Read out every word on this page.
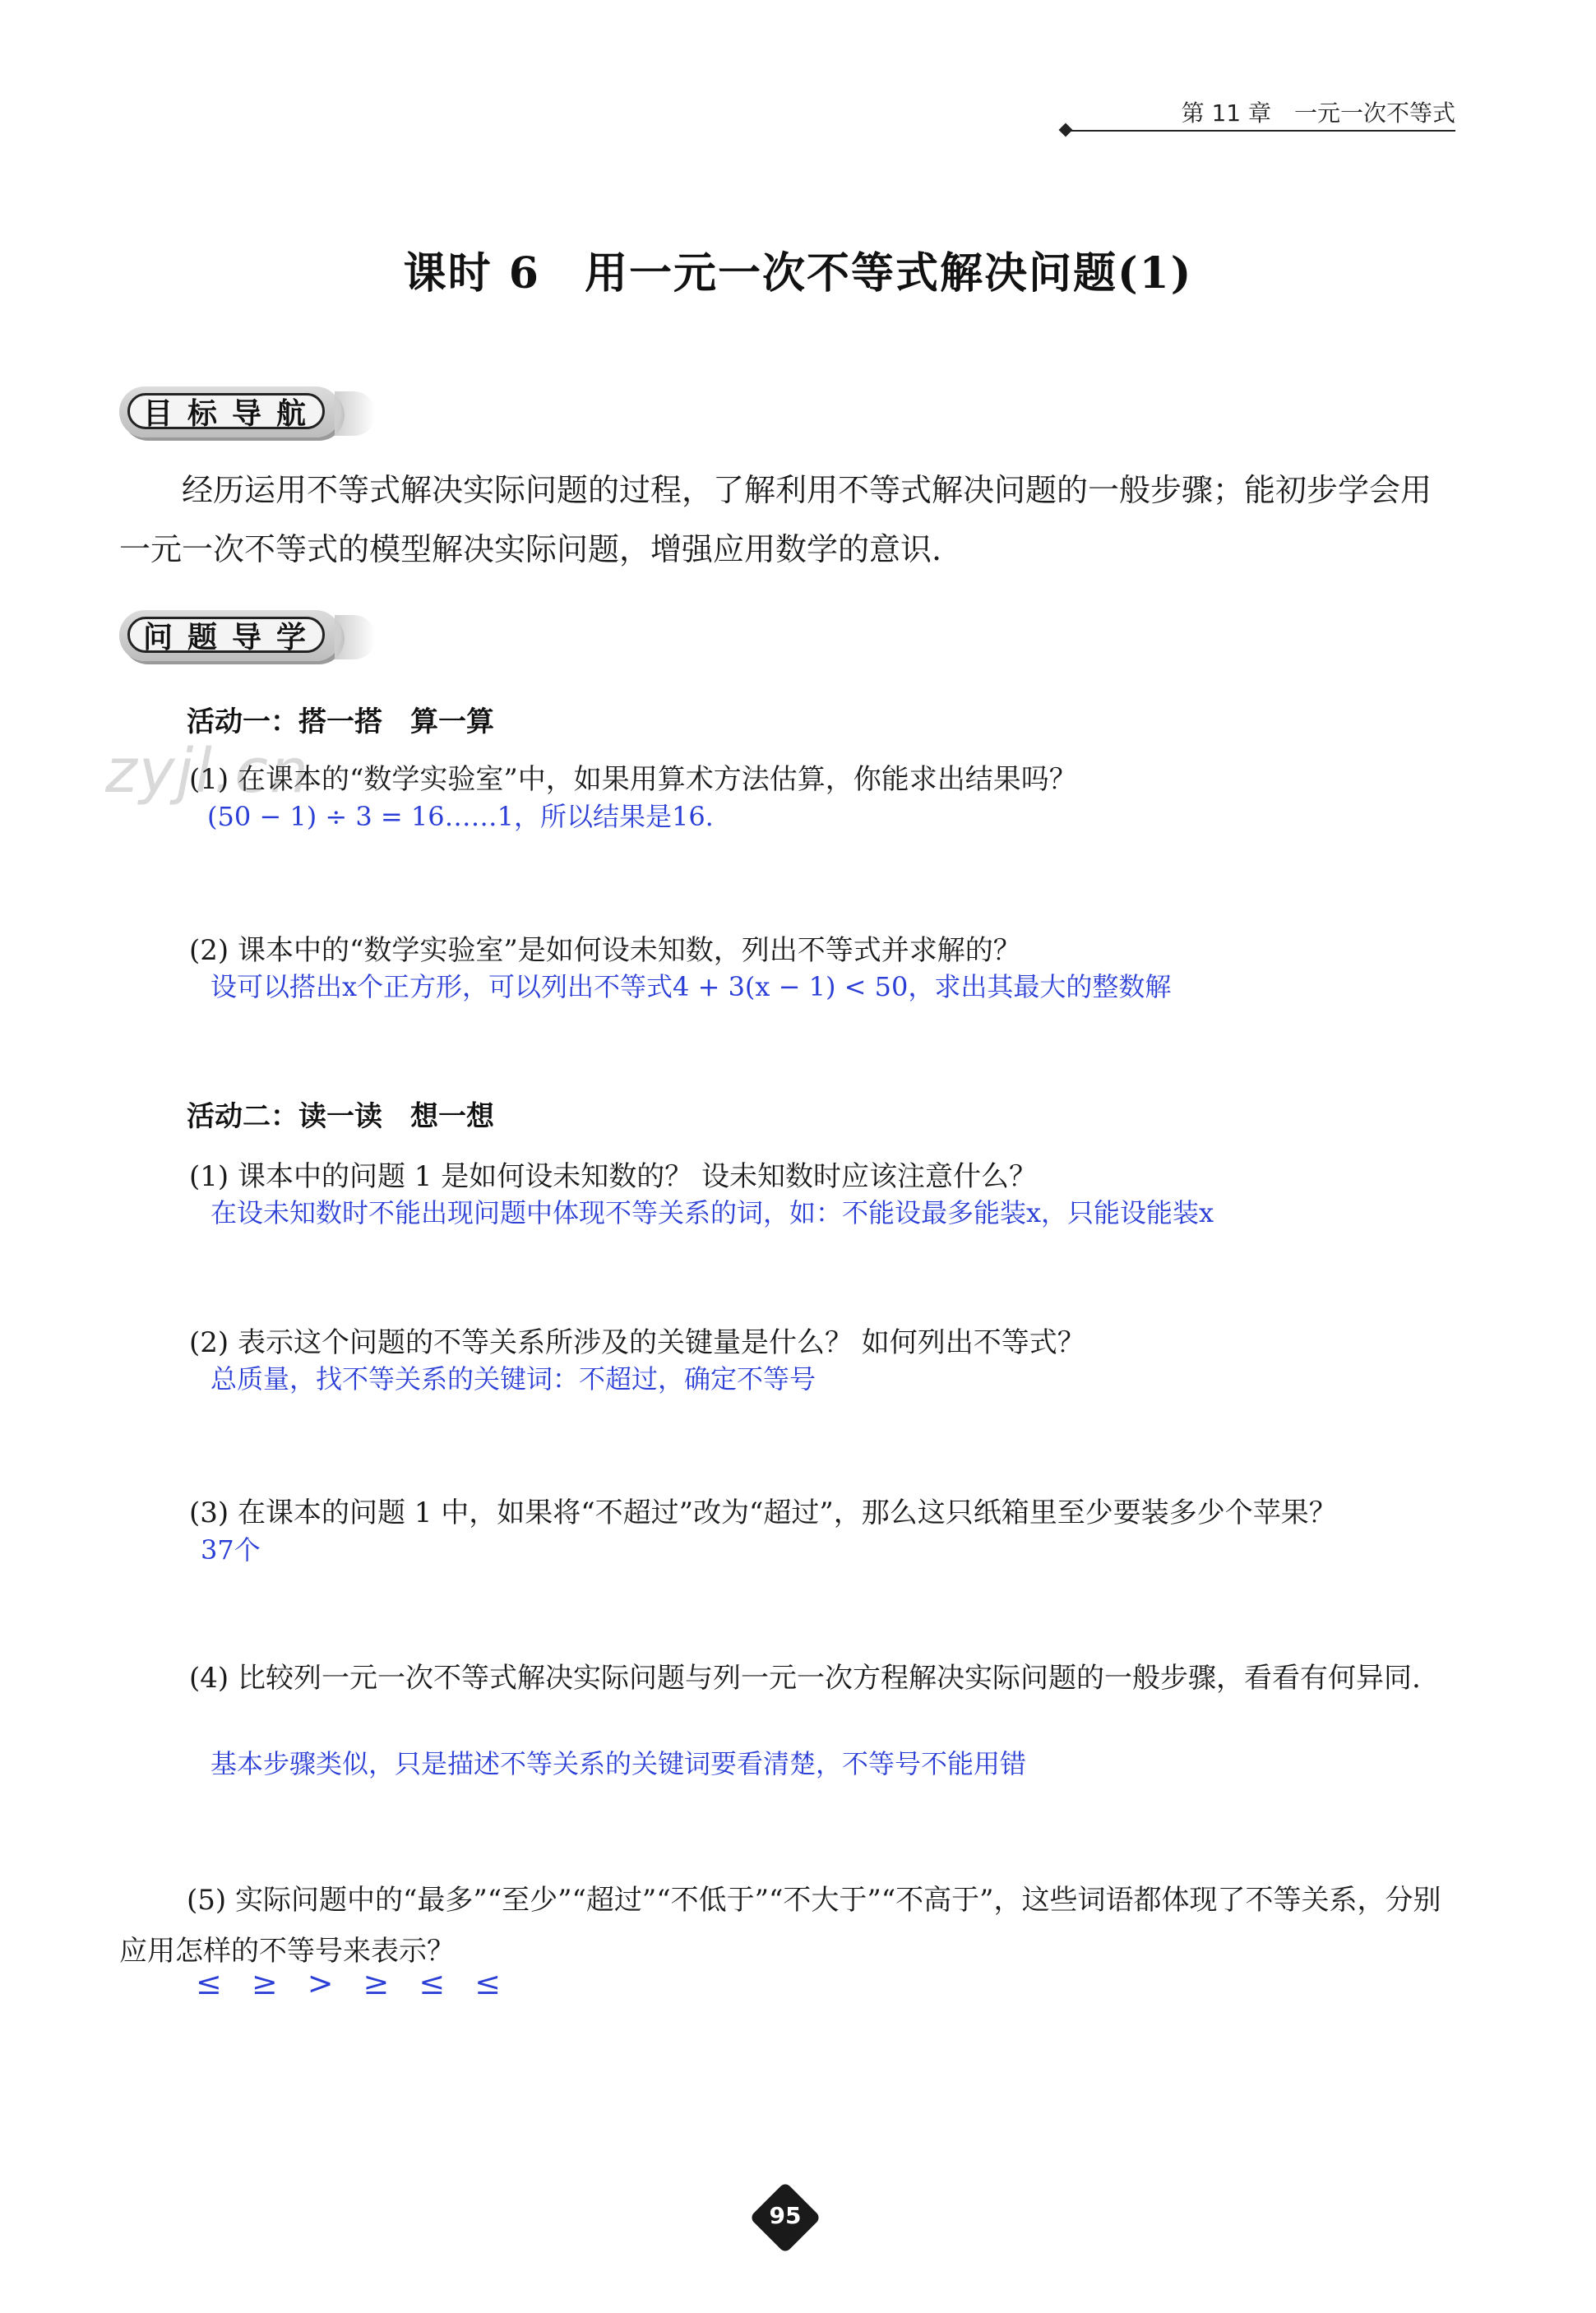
第 11 章　一元一次不等式
课时 6　用一元一次不等式解决问题(1)
目标导航
经历运用不等式解决实际问题的过程，了解利用不等式解决问题的一般步骤；能初步学会用一元一次不等式的模型解决实际问题，增强应用数学的意识.
问题导学
zyjl.cn
活动一：搭一搭　算一算
(1) 在课本的“数学实验室”中，如果用算术方法估算，你能求出结果吗？
(50 − 1) ÷ 3 = 16……1，所以结果是16.
(2) 课本中的“数学实验室”是如何设未知数，列出不等式并求解的？
设可以搭出x个正方形，可以列出不等式4 + 3(x − 1) < 50，求出其最大的整数解
活动二：读一读　想一想
(1) 课本中的问题 1 是如何设未知数的？ 设未知数时应该注意什么？
在设未知数时不能出现问题中体现不等关系的词，如：不能设最多能装x，只能设能装x
(2) 表示这个问题的不等关系所涉及的关键量是什么？ 如何列出不等式？
总质量，找不等关系的关键词：不超过，确定不等号
(3) 在课本的问题 1 中，如果将“不超过”改为“超过”，那么这只纸箱里至少要装多少个苹果？
37个
(4) 比较列一元一次不等式解决实际问题与列一元一次方程解决实际问题的一般步骤，看看有何异同.
基本步骤类似，只是描述不等关系的关键词要看清楚，不等号不能用错
(5) 实际问题中的“最多”“至少”“超过”“不低于”“不大于”“不高于”，这些词语都体现了不等关系，分别应用怎样的不等号来表示？
≤ ≥ > ≥ ≤ ≤
95
